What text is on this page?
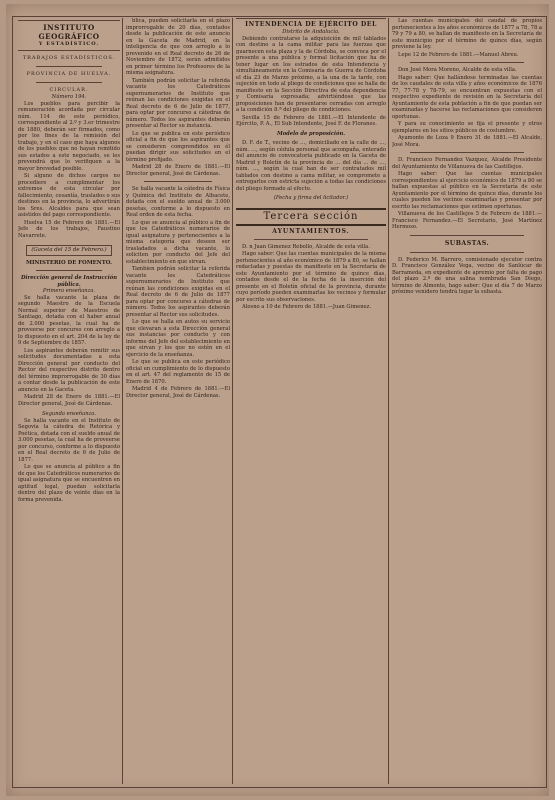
INSTITUTO GEOGRÁFICO
Y ESTADÍSTICO.
TRABAJOS ESTADÍSTICOS.
PROVINCIA DE HUELVA.
CIRCULAR.
Número 194.

Los pueblos para percibir la remuneración acordada por circular núm. 114 de este periódico, correspondiente al 2.º y 3.er trimestre de 1880, deberán ser firmados, como por los fines de la remisión del trabajo, y en el caso que haya algunos de los pueblos que no hayan remitido sus estados a este negociado, se les prevendrá que lo verifiquen a la mayor brevedad posible.

Si alguno de dichos cargos no procediere a cumplimentar los extremos de esta circular por fallecimiento, cesantía, traslados o sus destinos en la provincia, lo advertirán los Sres. Alcaldes para que sean asistidos del pago correspondiente.

Huelva 15 de Febrero de 1881.—El Jefe de los trabajos, Faustino Navarrete.

(Gaceta del 15 de Febrero.)
MINISTERIO DE FOMENTO.
Dirección general de Instrucción pública.
Primera enseñanza.

Se halla vacante la plaza de segundo Maestro de la Escuela Normal superior de Maestros de Santiago, dotada con el haber anual de 2.000 pesetas, la cual ha de proveerse por concurso con arreglo a lo dispuesto en el art. 204 de la ley de 9 de Septiembre de 1857.

Los aspirantes deberán remitir sus solicitudes documentadas a esta Dirección general por conducto del Rector del respectivo distrito dentro del término improrrogable de 30 días a contar desde la publicación de este anuncio en la Gaceta.

Madrid 28 de Enero de 1881.—El Director general, José de Cárdenas.

Segunda enseñanza.

Se halla vacante en el Instituto de Segovia la cátedra de Retórica y Poética, dotada con el sueldo anual de 3.000 pesetas, la cual ha de proveerse por concurso, conforme a lo dispuesto en el Real decreto de 6 de Julio de 1877.

Lo que se anuncia al público a fin de que los Catedráticos numerarios de igual asignatura que se encuentren en aptitud legal, puedan solicitarla dentro del plazo de veinte días en la forma prevenida.

blica, pueden solicitarla en el plazo improrrogable de 20 días, contados desde la publicación de este anuncio en la Gaceta de Madrid, en la inteligencia de que con arreglo a lo prevenido en el Real decreto de 26 de Noviembre de 1872, serán admitidos en primer término los Profesores de la misma asignatura.

También podrán solicitar la referida vacante los Catedráticos supernumerarios de Instituto que reúnan las condiciones exigidas en el Real decreto de 6 de Julio de 1877, para optar por concurso a cátedras de número. Todos los aspirantes deberán presentar al Rector su instancia.

Lo que se publica en este periódico oficial a fin de que los aspirantes que se consideren comprendidos en él puedan dirigir sus solicitudes en el término prefijado.

Madrid 28 de Enero de 1881.—El Director general, José de Cárdenas.

Se halla vacante la cátedra de Física y Química del Instituto de Albacete, dotada con el sueldo anual de 3.000 pesetas, conforme a lo dispuesto en Real orden de esta fecha.

Lo que se anuncia al público a fin de que los Catedráticos numerarios de igual asignatura y pertenecientes a la misma categoría que deseen ser trasladados a dicha vacante, lo soliciten por conducto del Jefe del establecimiento en que sirvan.

Tambien podrán solicitar la referida vacante los Catedráticos supernumerarios de Instituto que reúnan las condiciones exigidas en el Real decreto de 6 de Julio de 1877 para optar por concurso a cátedras de número. Todos los aspirantes deberán presentar al Rector sus solicitudes.

Lo que se halla en autos su servicio que elevaran a esta Dirección general sus instancias por conducto y con informe del Jefe del establecimiento en que sirvan y los que no estén en el ejercicio de la enseñanza.

Lo que se publica en este periódico oficial en cumplimiento de lo dispuesto en el art. 47 del reglamento de 15 de Enero de 1870.

Madrid 4 de Febrero de 1881.—El Director general, José de Cárdenas.

INTENDENCIA DE EJÉRCITO DEL
Distrito de Andalucía.

Debiendo contratarse la adquisición de mil tablados con destino a la cama militar para las fuerzas que guarnecen esta plaza y la de Córdoba, se convoca por el presente a una pública y formal licitación que ha de tener lugar en los estrados de esta Intendencia y simultáneamente en la Comisaría de Guerra de Córdoba el día 23 de Marzo próximo, a la una de la tarde, con sujeción en todo al pliego de condiciones que se halla de manifiesto en la Sección Directiva de esta dependencia y Comisaría expresada; advirtiéndose que las proposiciones han de presentarse cerradas con arreglo a la condición 8.ª del pliego de condiciones.

Sevilla 15 de Febrero de 1881.—El Intendente de Ejército, P. A., El Sub Intendente, José F. de Floranes.

Modelo de proposición.

D. F. de T., vecino de ..., domiciliado en la calle de ..., núm. ..., según cédula personal que acompaña, enterado del anuncio de convocatoria publicado en la Gaceta de Madrid y Boletín de la provincia de ... del día ... de ..., núm. ..., según la cual han de ser contratados mil tablados con destino a cama militar, se compromete a entregarlos con estricta sujeción a todas las condiciones del pliego formado al efecto.

(Fecha y firma del licitador.)
Tercera sección
AYUNTAMIENTOS.

D. n Juan Gimenez Rebollo, Alcalde de esta villa.

Hago saber: Que las cuentas municipales de la misma pertenecientes al año económico de 1879 a 80, se hallan redactadas y puestas de manifiesto en la Secretaría de este Ayuntamiento por el término de quince días, contados desde el de la fecha de la inserción del presente en el Boletín oficial de la provincia, durante cuyo período pueden examinarlas los vecinos y formular por escrito sus observaciones.

Alosno a 10 de Febrero de 1881.—Juan Gimenez.

Las cuentas municipales del caudal de propios pertenecientes a los años económicos de 1877 a 78, 78 a 79 y 79 a 80, se hallan de manifiesto en la Secretaría de este municipio por el término de quince días, según previene la ley.

Lepe 12 de Febrero de 1881.—Manuel Abreu.

Don José Mora Moreno, Alcalde de esta villa.

Hago saber: Que hallándose terminadas las cuentas de los caudales de esta villa y años económicos de 1876 77, 77-78 y 78-79, se encuentran expuestas con el respectivo expediente de revisión en la Secretaría del Ayuntamiento de esta población a fin de que puedan ser examinadas y hacerse las reclamaciones que consideren oportunas.

Y para su conocimiento se fija el presente y otros ejemplares en los sitios públicos de costumbre.

Ayamonte de Loza 9 Enero 31 de 1881.—El Alcalde, José Mora.

D. Francisco Fernandez Vazquez, Alcalde Presidente del Ayuntamiento de Villanueva de las Castillejos.

Hago saber: Que las cuentas municipales correspondientes al ejercicio económico de 1879 a 80 se hallan expuestas al público en la Secretaría de este Ayuntamiento por el término de quince días, durante los cuales pueden los vecinos examinarlas y presentar por escrito las reclamaciones que estimen oportunas.

Villanueva de los Castillejos 5 de Febrero de 1881.—Francisco Fernandez.—El Secretario, José Martínez Hermoso.

SUBASTAS.

D. Federico M. Barrero, comisionado ejecutor contra D. Francisco González Vega, vecino de Sanlúcar de Barrameda, en expediente de apremio por falta de pago del plazo 2.º de una salina nombrada San Diego, término de Almonte, hago saber: Que el día 7 de Marzo próximo venidero tendrá lugar la subasta.
